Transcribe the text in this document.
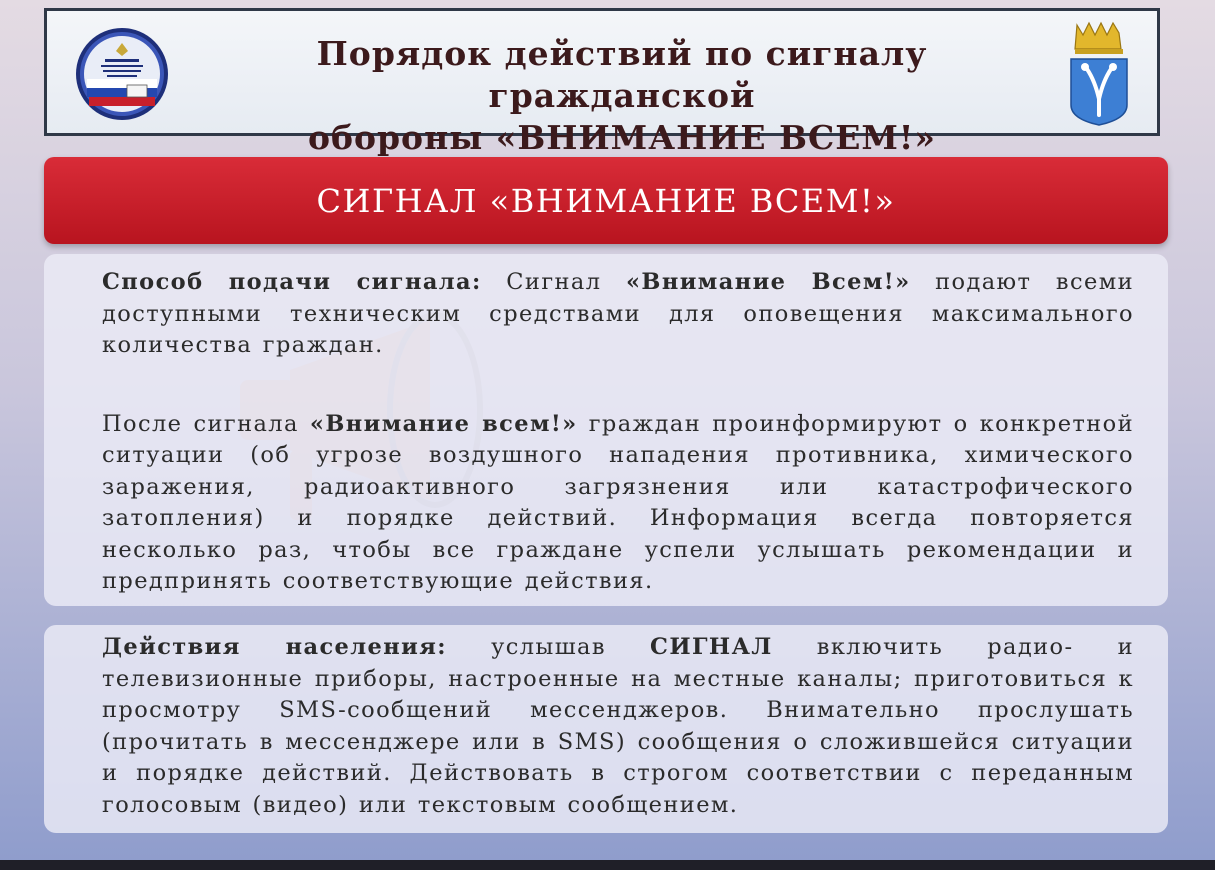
Порядок действий по сигналу гражданской
обороны «ВНИМАНИЕ ВСЕМ!»
СИГНАЛ «ВНИМАНИЕ ВСЕМ!»

Способ подачи сигнала: Сигнал «Внимание Всем!» подают всеми доступными техническим средствами для оповещения максимального количества граждан.

После сигнала «Внимание всем!» граждан проинформируют о конкретной ситуации (об угрозе воздушного нападения противника, химического заражения, радиоактивного загрязнения или катастрофического затопления) и порядке действий. Информация всегда повторяется несколько раз, чтобы все граждане успели услышать рекомендации и предпринять соответствующие действия.

Действия населения: услышав СИГНАЛ включить радио- и телевизионные приборы, настроенные на местные каналы; приготовиться к просмотру SMS-сообщений мессенджеров. Внимательно прослушать (прочитать в мессенджере или в SMS) сообщения о сложившейся ситуации и порядке действий. Действовать в строгом соответствии с переданным голосовым (видео) или текстовым сообщением.
